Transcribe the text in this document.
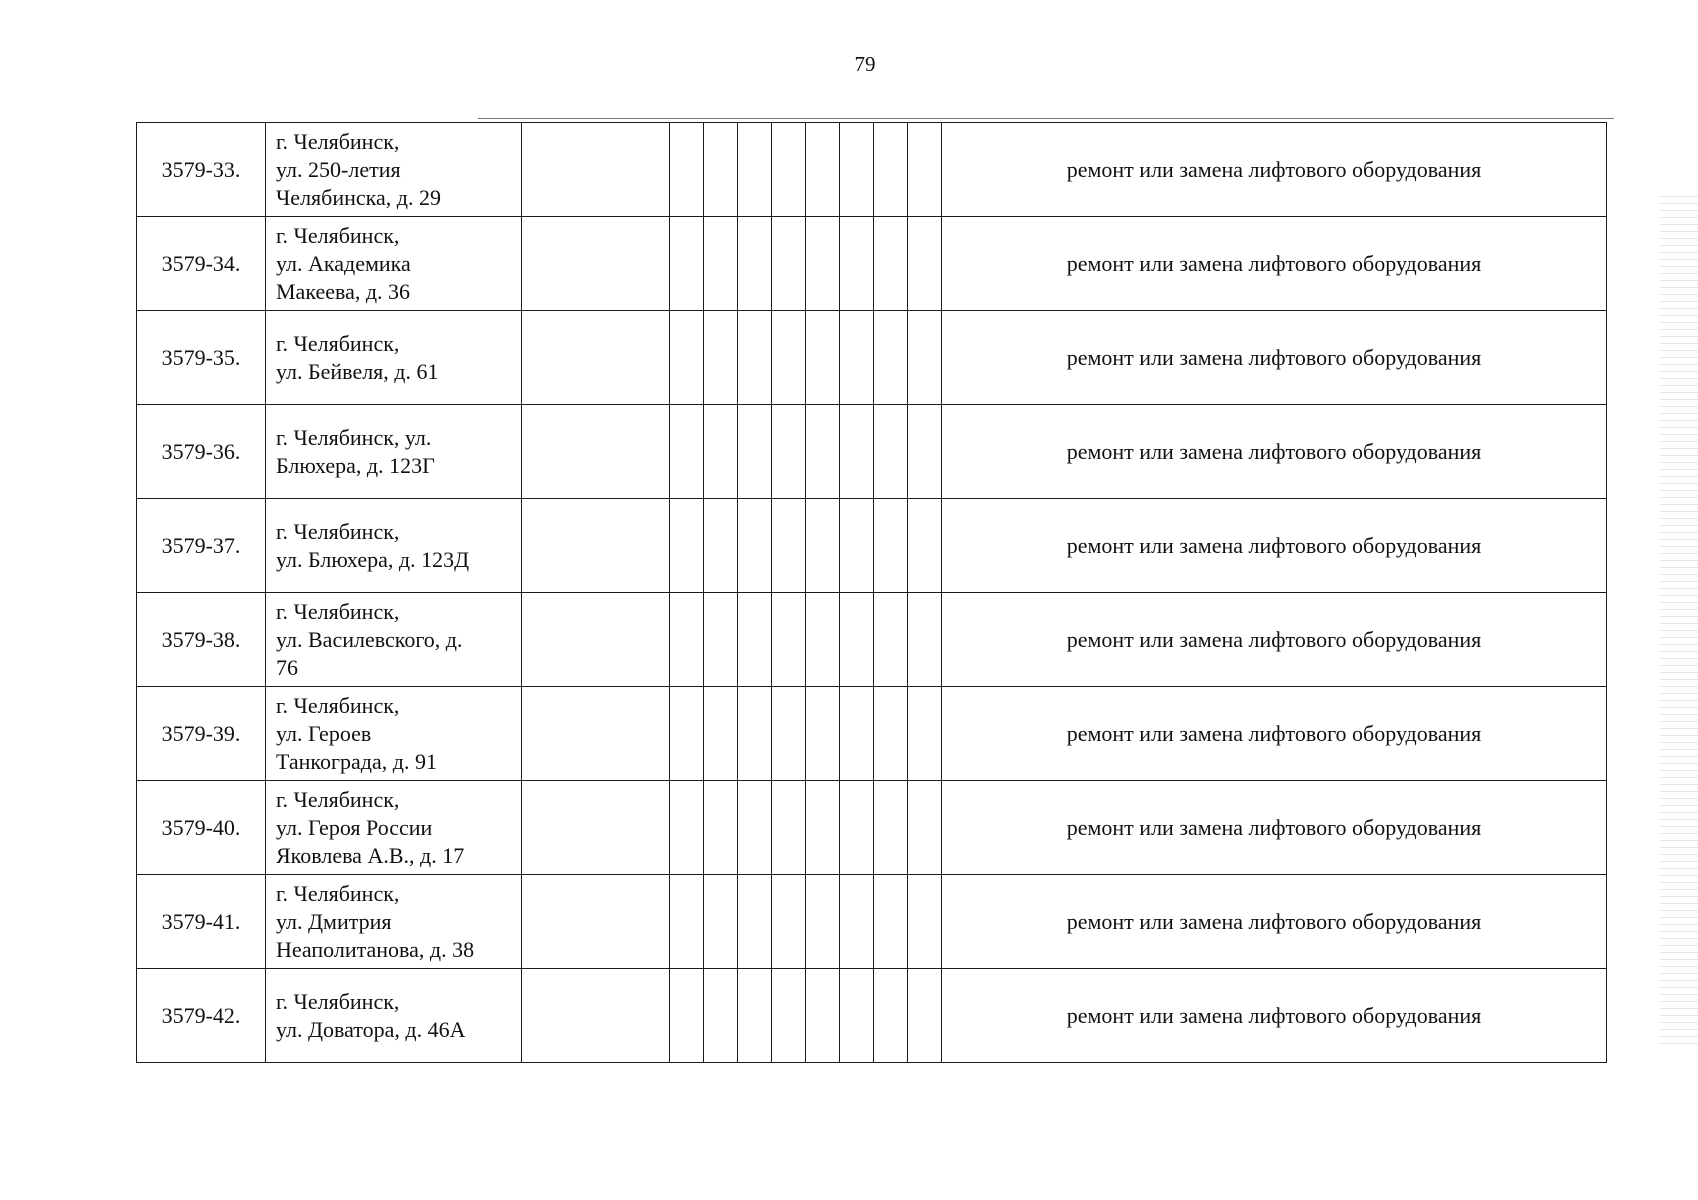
79
3579-33.	г. Челябинск,
ул. 250-летия
Челябинска, д. 29										ремонт или замена лифтового оборудования
3579-34.	г. Челябинск,
ул. Академика
Макеева, д. 36										ремонт или замена лифтового оборудования
3579-35.	г. Челябинск,
ул. Бейвеля, д. 61										ремонт или замена лифтового оборудования
3579-36.	г. Челябинск, ул.
Блюхера, д. 123Г										ремонт или замена лифтового оборудования
3579-37.	г. Челябинск,
ул. Блюхера, д. 123Д										ремонт или замена лифтового оборудования
3579-38.	г. Челябинск,
ул. Василевского, д.
76										ремонт или замена лифтового оборудования
3579-39.	г. Челябинск,
ул. Героев
Танкограда, д. 91										ремонт или замена лифтового оборудования
3579-40.	г. Челябинск,
ул. Героя России
Яковлева А.В., д. 17										ремонт или замена лифтового оборудования
3579-41.	г. Челябинск,
ул. Дмитрия
Неаполитанова, д. 38										ремонт или замена лифтового оборудования
3579-42.	г. Челябинск,
ул. Доватора, д. 46А										ремонт или замена лифтового оборудования
